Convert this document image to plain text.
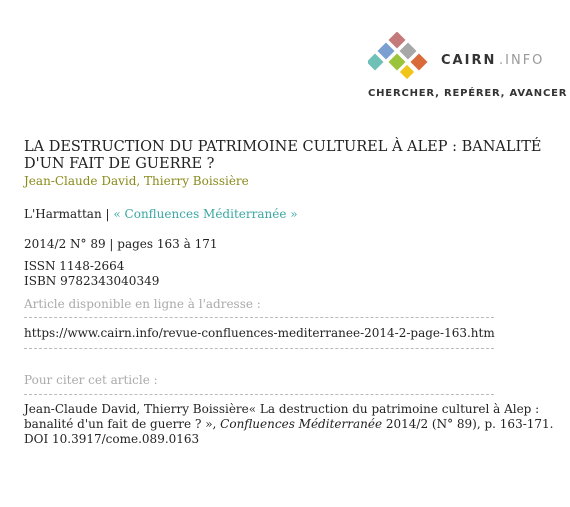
CAIRN .INFO
CHERCHER, REPÉRER, AVANCER
LA DESTRUCTION DU PATRIMOINE CULTUREL À ALEP : BANALITÉ D'UN FAIT DE GUERRE ?
Jean-Claude David, Thierry Boissière
L'Harmattan | « Confluences Méditerranée »
2014/2 N° 89 | pages 163 à 171
ISSN 1148-2664
ISBN 9782343040349
Article disponible en ligne à l'adresse :
https://www.cairn.info/revue-confluences-mediterranee-2014-2-page-163.htm
Pour citer cet article :
Jean-Claude David, Thierry Boissière« La destruction du patrimoine culturel à Alep : banalité d'un fait de guerre ? », Confluences Méditerranée 2014/2 (N° 89), p. 163-171.
DOI 10.3917/come.089.0163
